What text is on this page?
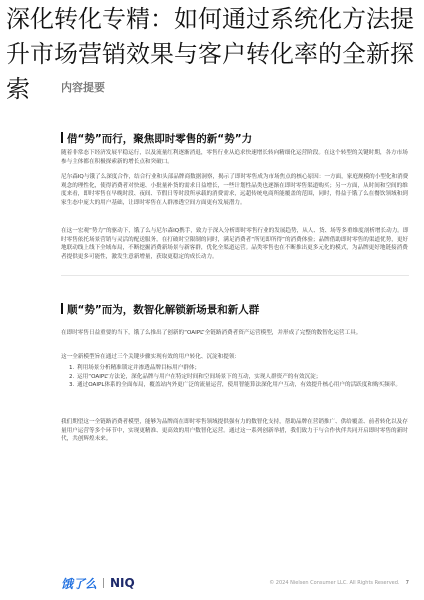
深化转化专精：如何通过系统化方法提升市场营销效果与客户转化率的全新探索	内容提要
借“势”而行，聚焦即时零售的新“势”力

随着非常态下经济发展平稳运行，以及流量红利逐渐消退，零售行业从追求快速增长转向精细化运营阶段。在这个转型的关键时期，各方市场参与主体都在积极探索新的增长点和突破口。

尼尔森IQ与饿了么深度合作，结合行业和头部品牌商数据洞察，揭示了即时零售成为市场焦点的核心原因：一方面，家庭规模的小型化和消费观念的理性化，使得消费者对快速、小批量补货的需求日益增长，一些计划性品类也逐渐在即时零售渠道购买；另一方面，从时间和空间的维度来看，即时零售在早晚时段、夜间、节假日等时段所承载的消费需求，远超传统电商所能覆盖的范围，同时，得益于饿了么在餐饮领域和到家生态中庞大的用户基础，让即时零售在人群渗透空间方面更有发展潜力。

在这一宏观“势力”的驱动下，饿了么与尼尔森IQ携手，致力于深入分析即时零售行业的发展趋势，从人、货、场等多重维度剖析增长动力。即时零售依托场景营销与灵活的配送服务，在打破时空限制的同时，满足消费者“所见即所得”的消费体验；品牌借助即时零售的渠道优势，更好地联动线上线下全域布局，不断挖掘消费新场景与新客群，优化全渠道运营。品类零售也在不断推出更多元化的模式，为品牌更好地链接消费者提供更多可能性，激发生意新增量，获取更稳定的成长动力。

顺“势”而为，数智化解锁新场景和新人群

在即时零售日益重要的当下，饿了么推出了创新的“OAIPL”全链路消费者资产运营模型，并形成了完整的数智化运营工具。

这一全新模型旨在通过三个关键步骤实现有效的用户转化、沉淀和提领：

1. 利用场景分析精准锁定并渗透品牌目标用户群体；
2. 运用“OAIPL”方法论，深化品牌与用户在特定时间和空间场景下的互动，实现人群资产的有效沉淀；
3. 通过OAIPL体系的全面布局，覆盖站内外更广泛的流量运营，使用智能算法深化用户互动，有效提升核心用户的活跃度和购买频率。

我们期望这一全链路消费者模型，能够为品牌商在即时零售领域提供强有力的数智化支持，帮助品牌在营销推广、供给覆盖、前者转化以及存量用户运营等多个环节中，实现更精准、更高效的用户数智化运营。通过这一系列创新举措，我们致力于与合作伙伴共同开启即时零售的新时代，共创辉煌未来。

饿了么 NIQ	© 2024 Nielsen Consumer LLC. All Rights Reserved. 7
